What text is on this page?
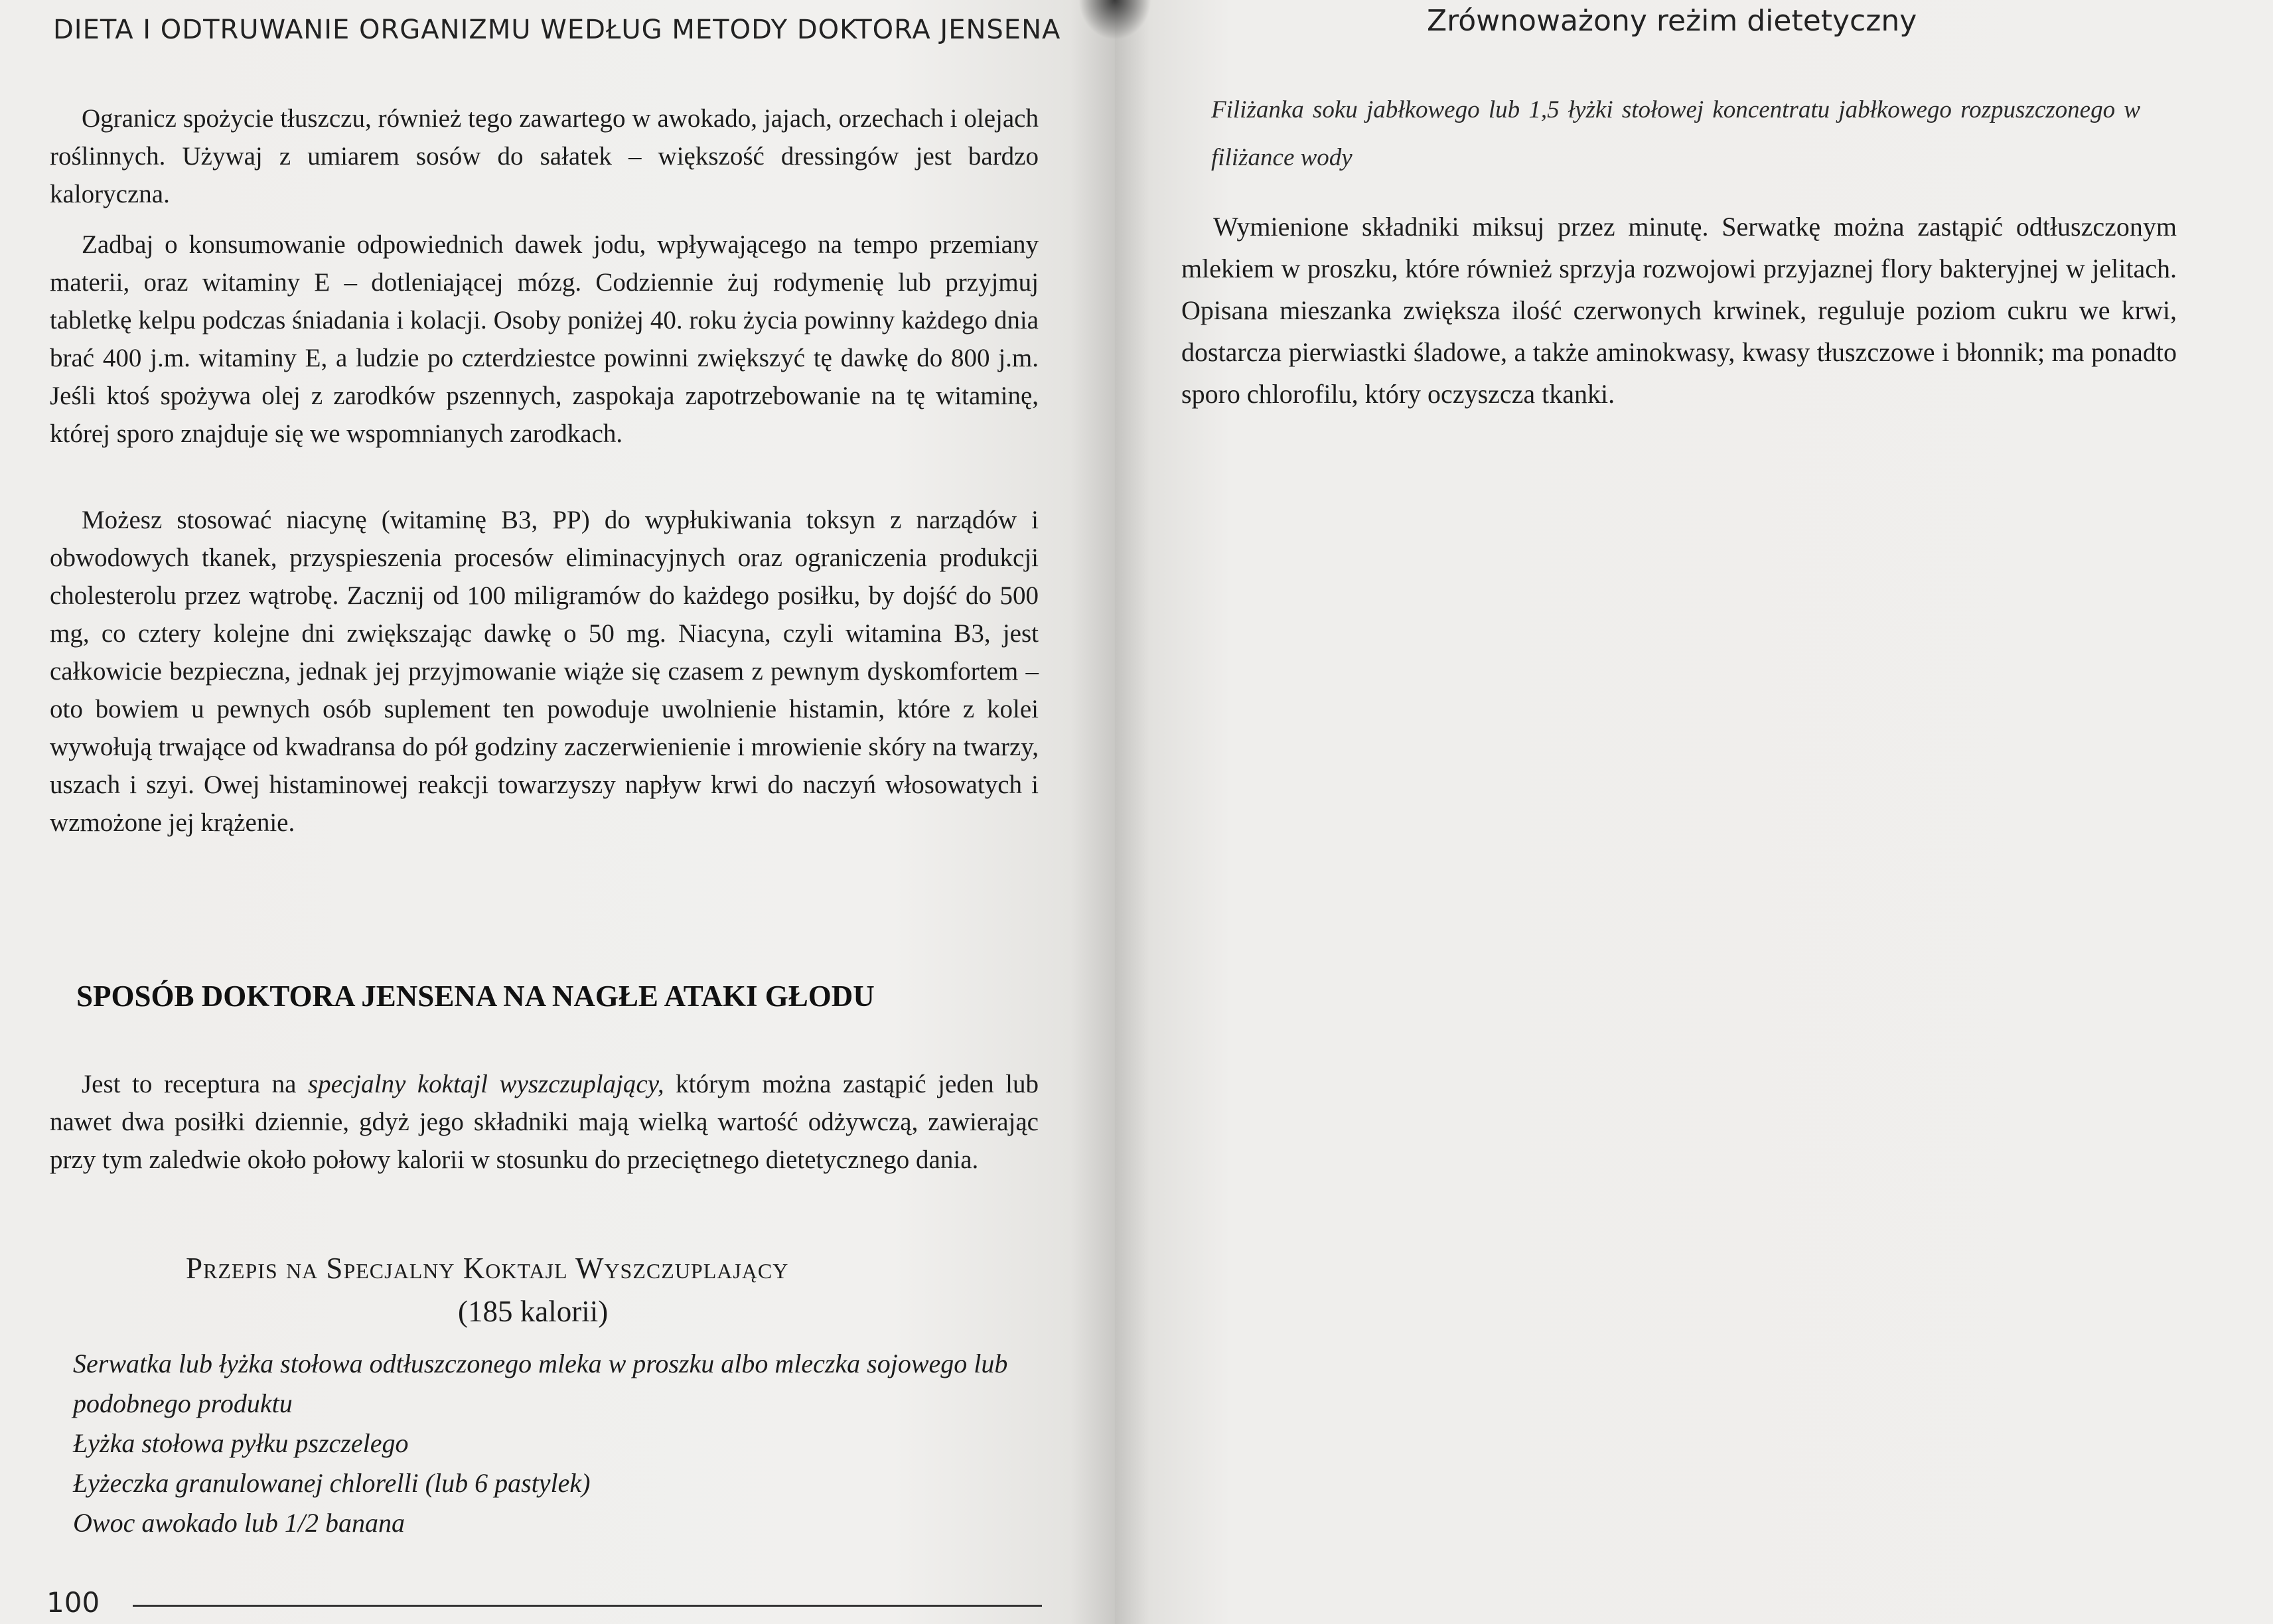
DIETA I ODTRUWANIE ORGANIZMU WEDŁUG METODY DOKTORA JENSENA

Ogranicz spożycie tłuszczu, również tego zawartego w awokado, jajach, orzechach i olejach roślinnych. Używaj z umiarem sosów do sałatek – większość dressingów jest bardzo kaloryczna.

Zadbaj o konsumowanie odpowiednich dawek jodu, wpływającego na tempo przemiany materii, oraz witaminy E – dotleniającej mózg. Codziennie żuj rodymenię lub przyjmuj tabletkę kelpu podczas śniadania i kolacji. Osoby poniżej 40. roku życia powinny każdego dnia brać 400 j.m. witaminy E, a ludzie po czterdziestce powinni zwiększyć tę dawkę do 800 j.m. Jeśli ktoś spożywa olej z zarodków pszennych, zaspokaja zapotrzebowanie na tę witaminę, której sporo znajduje się we wspomnianych zarodkach.

Możesz stosować niacynę (witaminę B3, PP) do wypłukiwania toksyn z narządów i obwodowych tkanek, przyspieszenia procesów eliminacyjnych oraz ograniczenia produkcji cholesterolu przez wątrobę. Zacznij od 100 miligramów do każdego posiłku, by dojść do 500 mg, co cztery kolejne dni zwiększając dawkę o 50 mg. Niacyna, czyli witamina B3, jest całkowicie bezpieczna, jednak jej przyjmowanie wiąże się czasem z pewnym dyskomfortem – oto bowiem u pewnych osób suplement ten powoduje uwolnienie histamin, które z kolei wywołują trwające od kwadransa do pół godziny zaczerwienienie i mrowienie skóry na twarzy, uszach i szyi. Owej histaminowej reakcji towarzyszy napływ krwi do naczyń włosowatych i wzmożone jej krążenie.

SPOSÓB DOKTORA JENSENA NA NAGŁE ATAKI GŁODU

Jest to receptura na specjalny koktajl wyszczuplający, którym można zastąpić jeden lub nawet dwa posiłki dziennie, gdyż jego składniki mają wielką wartość odżywczą, zawierając przy tym zaledwie około połowy kalorii w stosunku do przeciętnego dietetycznego dania.

Przepis na Specjalny Koktajl Wyszczuplający
(185 kalorii)
Serwatka lub łyżka stołowa odtłuszczonego mleka w proszku albo mleczka sojowego lub podobnego produktu
Łyżka stołowa pyłku pszczelego
Łyżeczka granulowanej chlorelli (lub 6 pastylek)
Owoc awokado lub 1/2 banana
100
Zrównoważony reżim dietetyczny

Filiżanka soku jabłkowego lub 1,5 łyżki stołowej koncentratu jabłkowego rozpuszczonego w filiżance wody

Wymienione składniki miksuj przez minutę. Serwatkę można zastąpić odtłuszczonym mlekiem w proszku, które również sprzyja rozwojowi przyjaznej flory bakteryjnej w jelitach. Opisana mieszanka zwiększa ilość czerwonych krwinek, reguluje poziom cukru we krwi, dostarcza pierwiastki śladowe, a także aminokwasy, kwasy tłuszczowe i błonnik; ma ponadto sporo chlorofilu, który oczyszcza tkanki.
